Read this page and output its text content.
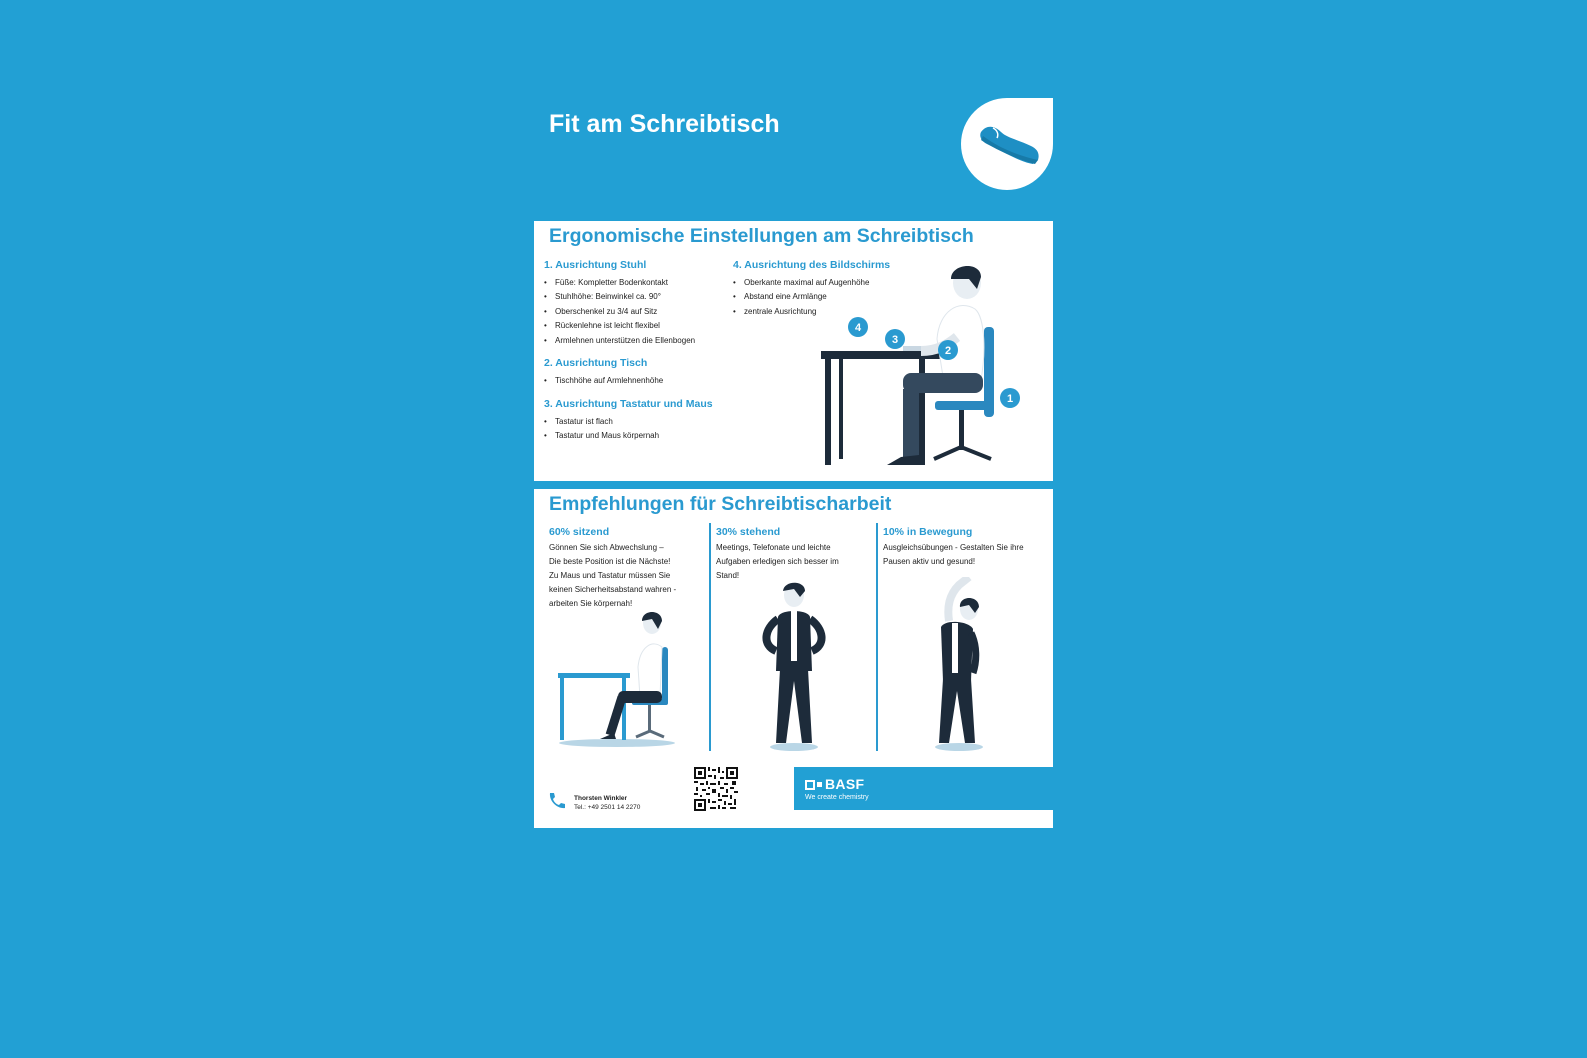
Fit am Schreibtisch
Ergonomische Einstellungen am Schreibtisch
1. Ausrichtung Stuhl
• Füße: Kompletter Bodenkontakt
• Stuhlhöhe: Beinwinkel ca. 90°
• Oberschenkel zu 3/4 auf Sitz
• Rückenlehne ist leicht flexibel
• Armlehnen unterstützen die Ellenbogen
2. Ausrichtung Tisch
• Tischhöhe auf Armlehnenhöhe
3. Ausrichtung Tastatur und Maus
• Tastatur ist flach
• Tastatur und Maus körpernah
4. Ausrichtung des Bildschirms
• Oberkante maximal auf Augenhöhe
• Abstand eine Armlänge
• zentrale Ausrichtung
4
3
2
1
Empfehlungen für Schreibtischarbeit
60% sitzend

Gönnen Sie sich Abwechslung –

Die beste Position ist die Nächste!

Zu Maus und Tastatur müssen Sie

keinen Sicherheitsabstand wahren -

arbeiten Sie körpernah!

30% stehend

Meetings, Telefonate und leichte

Aufgaben erledigen sich besser im

Stand!

10% in Bewegung

Ausgleichsübungen - Gestalten Sie ihre

Pausen aktiv und gesund!

Thorsten Winkler
Tel.: +49 2501 14 2270
BASF
We create chemistry
